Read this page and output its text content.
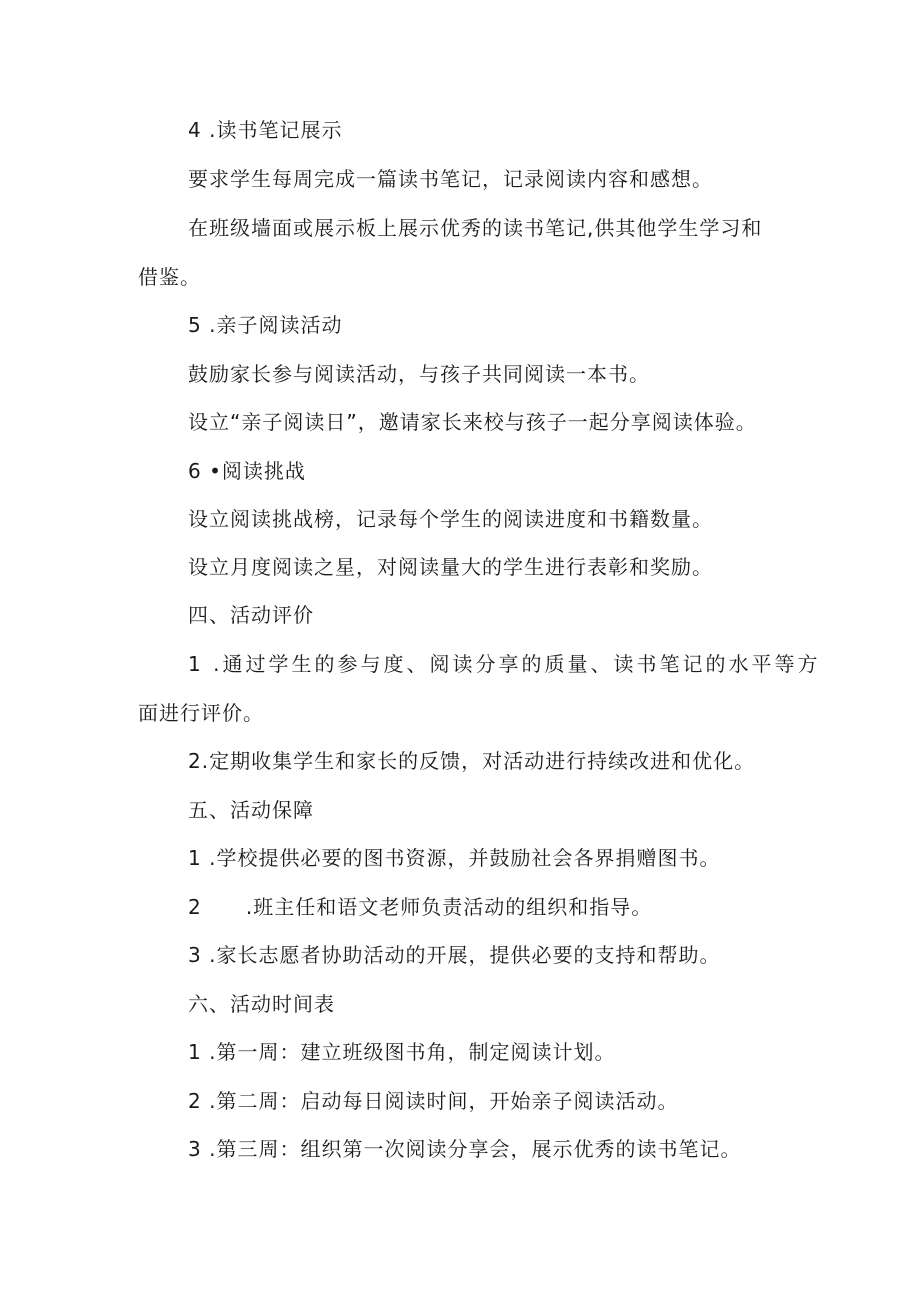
4 .读书笔记展示
要求学生每周完成一篇读书笔记，记录阅读内容和感想。
在班级墙面或展示板上展示优秀的读书笔记,供其他学生学习和
借鉴。
5 .亲子阅读活动
鼓励家长参与阅读活动，与孩子共同阅读一本书。
设立“亲子阅读日”，邀请家长来校与孩子一起分享阅读体验。
6 •阅读挑战
设立阅读挑战榜，记录每个学生的阅读进度和书籍数量。
设立月度阅读之星，对阅读量大的学生进行表彰和奖励。
四、活动评价
1 .通过学生的参与度、阅读分享的质量、读书笔记的水平等方
面进行评价。
2.定期收集学生和家长的反馈，对活动进行持续改进和优化。
五、活动保障
1 .学校提供必要的图书资源，并鼓励社会各界捐赠图书。
2      .班主任和语文老师负责活动的组织和指导。
3 .家长志愿者协助活动的开展，提供必要的支持和帮助。
六、活动时间表
1 .第一周：建立班级图书角，制定阅读计划。
2 .第二周：启动每日阅读时间，开始亲子阅读活动。
3 .第三周：组织第一次阅读分享会，展示优秀的读书笔记。
